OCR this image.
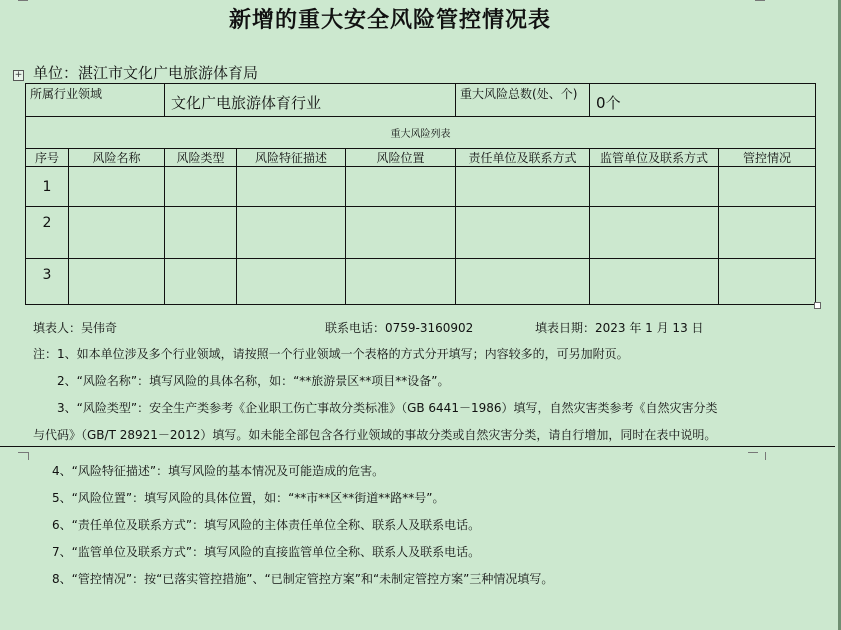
新增的重大安全风险管控情况表
+ 单位：湛江市文化广电旅游体育局
所属行业领域		文化广电旅游体育行业			重大风险总数(处、个)	0个	
重大风险列表							
序号	风险名称	风险类型	风险特征描述	风险位置	责任单位及联系方式	监管单位及联系方式	管控情况
1							
2							
3							
填表人：吴伟奇	联系电话：0759-3160902	填表日期：2023 年 1 月 13 日
注：1、如本单位涉及多个行业领域，请按照一个行业领域一个表格的方式分开填写；内容较多的，可另加附页。
2、“风险名称”：填写风险的具体名称，如：“**旅游景区**项目**设备”。
3、“风险类型”：安全生产类参考《企业职工伤亡事故分类标准》（GB 6441－1986）填写，自然灾害类参考《自然灾害分类
与代码》（GB/T 28921－2012）填写。如未能全部包含各行业领域的事故分类或自然灾害分类，请自行增加，同时在表中说明。
4、“风险特征描述”：填写风险的基本情况及可能造成的危害。
5、“风险位置”：填写风险的具体位置，如：“**市**区**街道**路**号”。
6、“责任单位及联系方式”：填写风险的主体责任单位全称、联系人及联系电话。
7、“监管单位及联系方式”：填写风险的直接监管单位全称、联系人及联系电话。
8、“管控情况”：按“已落实管控措施”、“已制定管控方案”和“未制定管控方案”三种情况填写。
